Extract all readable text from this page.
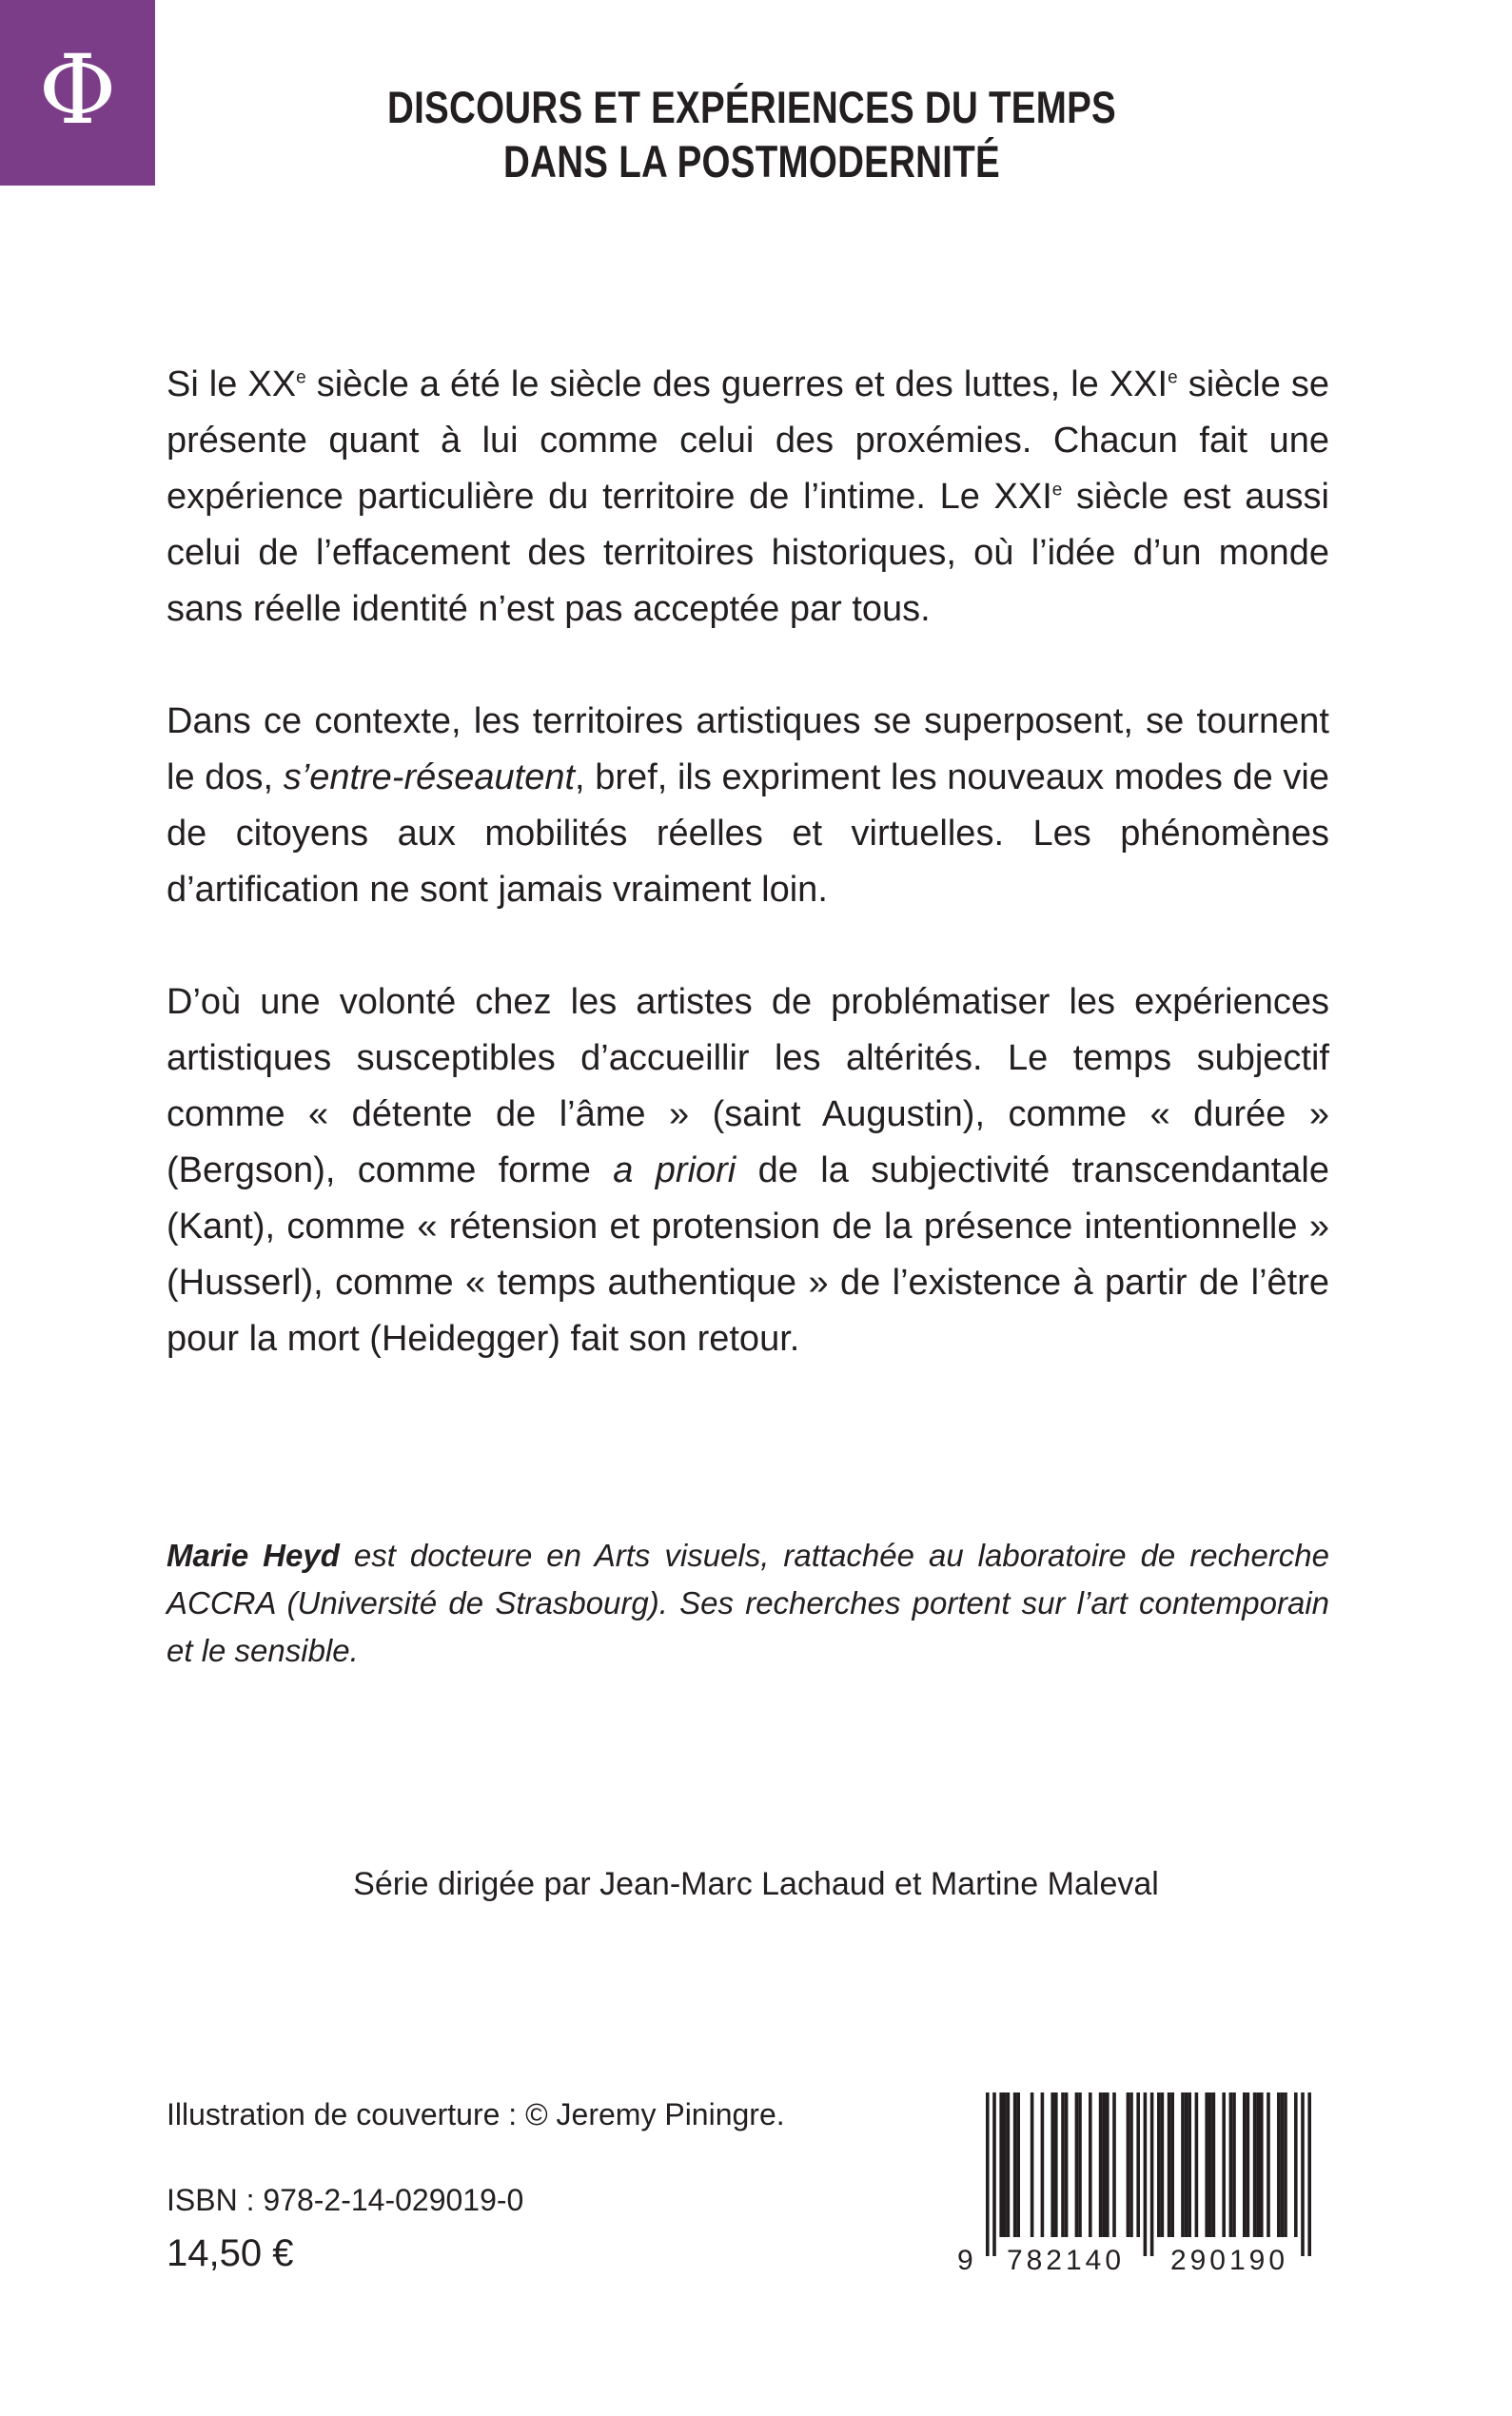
Φ	DISCOURS ET EXPÉRIENCES DU TEMPS
DANS LA POSTMODERNITÉ

Si le XXe siècle a été le siècle des guerres et des luttes, le XXIe siècle se présente quant à lui comme celui des proxémies. Chacun fait une expérience particulière du territoire de l’intime. Le XXIe siècle est aussi celui de l’effacement des territoires historiques, où l’idée d’un monde sans réelle identité n’est pas acceptée par tous.

Dans ce contexte, les territoires artistiques se superposent, se tournent le dos, s’entre-réseautent, bref, ils expriment les nouveaux modes de vie de citoyens aux mobilités réelles et virtuelles. Les phénomènes d’artification ne sont jamais vraiment loin.

D’où une volonté chez les artistes de problématiser les expériences artistiques susceptibles d’accueillir les altérités. Le temps subjectif comme « détente de l’âme » (saint Augustin), comme « durée » (Bergson), comme forme a priori de la subjectivité transcendantale (Kant), comme « rétension et protension de la présence intentionnelle » (Husserl), comme « temps authentique » de l’existence à partir de l’être pour la mort (Heidegger) fait son retour.

Marie Heyd est docteure en Arts visuels, rattachée au laboratoire de recherche ACCRA (Université de Strasbourg). Ses recherches portent sur l’art contemporain et le sensible.
Série dirigée par Jean-Marc Lachaud et Martine Maleval
Illustration de couverture : © Jeremy Piningre.
ISBN : 978-2-14-029019-0
14,50 €	9 782140 290190
